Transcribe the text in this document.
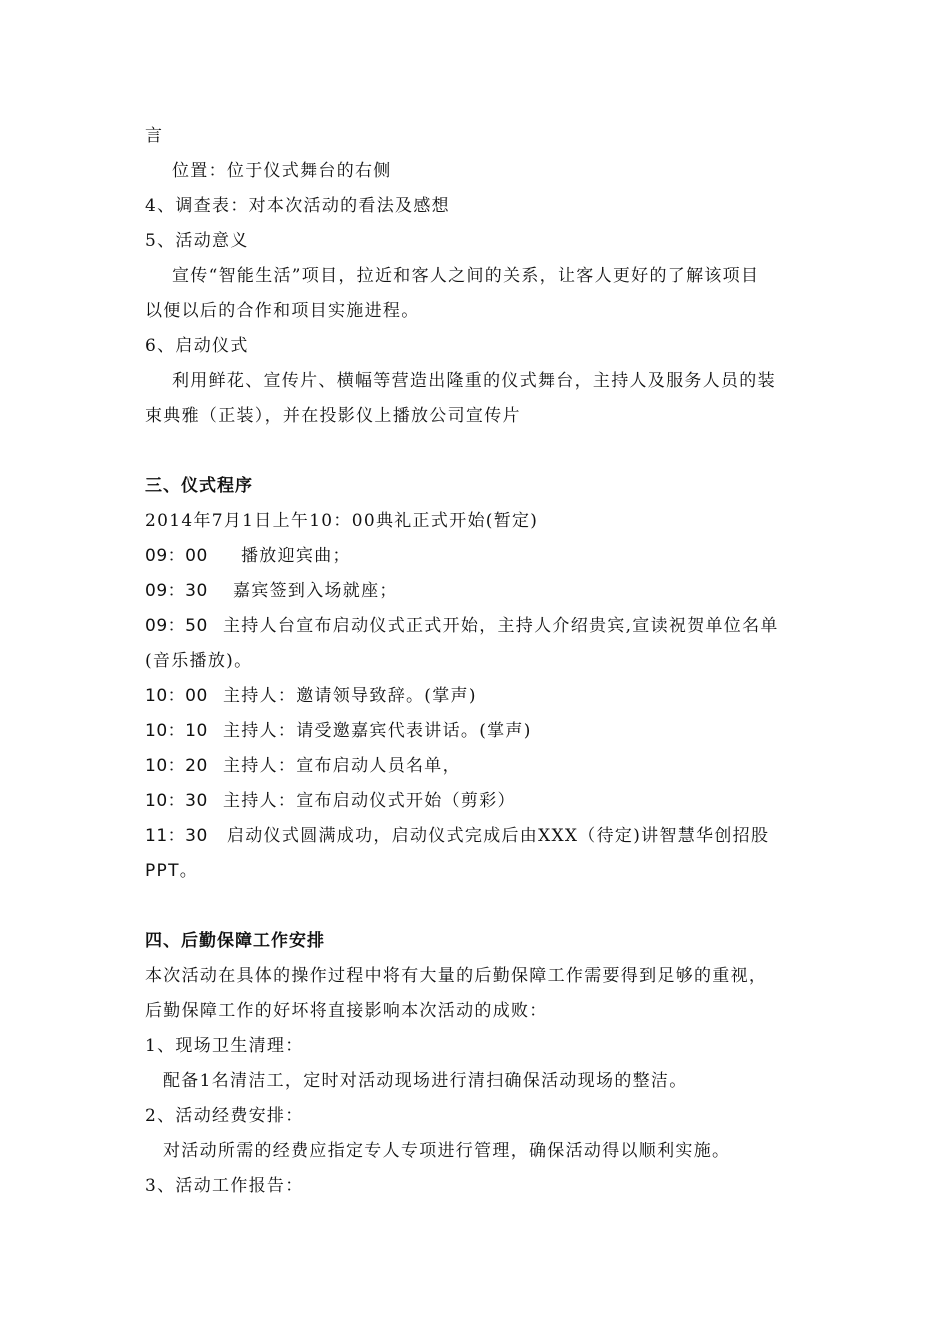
言
位置：位于仪式舞台的右侧
4、调查表：对本次活动的看法及感想
5、活动意义
宣传“智能生活”项目，拉近和客人之间的关系，让客人更好的了解该项目
以便以后的合作和项目实施进程。
6、启动仪式
利用鲜花、宣传片、横幅等营造出隆重的仪式舞台，主持人及服务人员的装
束典雅（正装），并在投影仪上播放公司宣传片
三、仪式程序
2014年7月1日上午10：00典礼正式开始(暂定)
09：00 播放迎宾曲；
09：30 嘉宾签到入场就座；
09：50 主持人台宣布启动仪式正式开始，主持人介绍贵宾,宣读祝贺单位名单
(音乐播放)。
10：00 主持人：邀请领导致辞。(掌声)
10：10 主持人：请受邀嘉宾代表讲话。(掌声)
10：20 主持人：宣布启动人员名单，
10：30 主持人：宣布启动仪式开始（剪彩）
11：30 启动仪式圆满成功，启动仪式完成后由XXX（待定)讲智慧华创招股
PPT。
四、后勤保障工作安排
本次活动在具体的操作过程中将有大量的后勤保障工作需要得到足够的重视，
后勤保障工作的好坏将直接影响本次活动的成败：
1、现场卫生清理：
配备1名清洁工，定时对活动现场进行清扫确保活动现场的整洁。
2、活动经费安排：
对活动所需的经费应指定专人专项进行管理，确保活动得以顺利实施。
3、活动工作报告：
